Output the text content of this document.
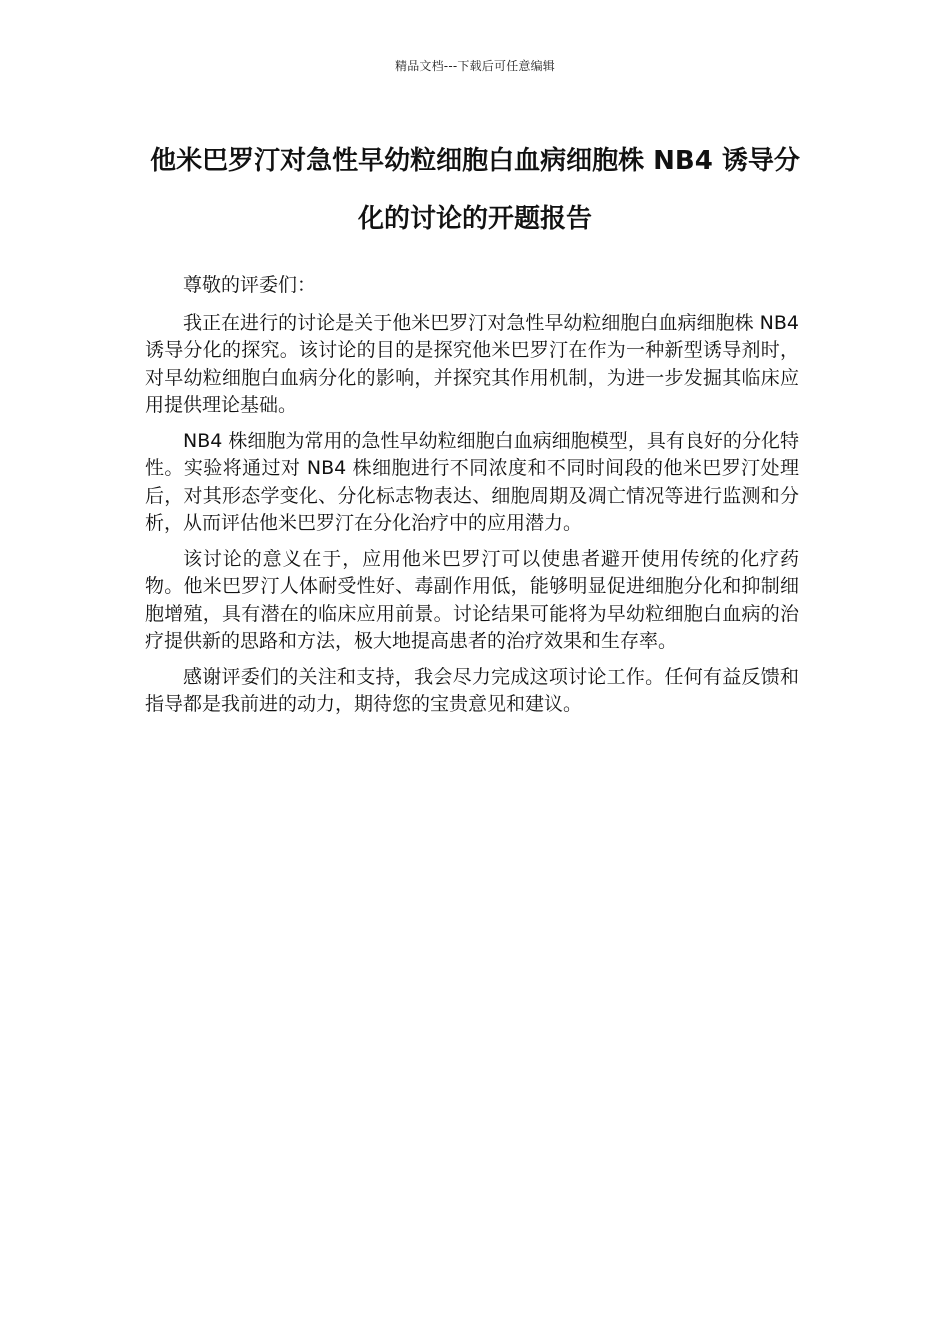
精品文档---下载后可任意编辑
他米巴罗汀对急性早幼粒细胞白血病细胞株 NB4 诱导分化的讨论的开题报告

尊敬的评委们：

我正在进行的讨论是关于他米巴罗汀对急性早幼粒细胞白血病细胞株 NB4 诱导分化的探究。该讨论的目的是探究他米巴罗汀在作为一种新型诱导剂时，对早幼粒细胞白血病分化的影响，并探究其作用机制，为进一步发掘其临床应用提供理论基础。

NB4 株细胞为常用的急性早幼粒细胞白血病细胞模型，具有良好的分化特性。实验将通过对 NB4 株细胞进行不同浓度和不同时间段的他米巴罗汀处理后，对其形态学变化、分化标志物表达、细胞周期及凋亡情况等进行监测和分析，从而评估他米巴罗汀在分化治疗中的应用潜力。

该讨论的意义在于，应用他米巴罗汀可以使患者避开使用传统的化疗药物。他米巴罗汀人体耐受性好、毒副作用低，能够明显促进细胞分化和抑制细胞增殖，具有潜在的临床应用前景。讨论结果可能将为早幼粒细胞白血病的治疗提供新的思路和方法，极大地提高患者的治疗效果和生存率。

感谢评委们的关注和支持，我会尽力完成这项讨论工作。任何有益反馈和指导都是我前进的动力，期待您的宝贵意见和建议。
